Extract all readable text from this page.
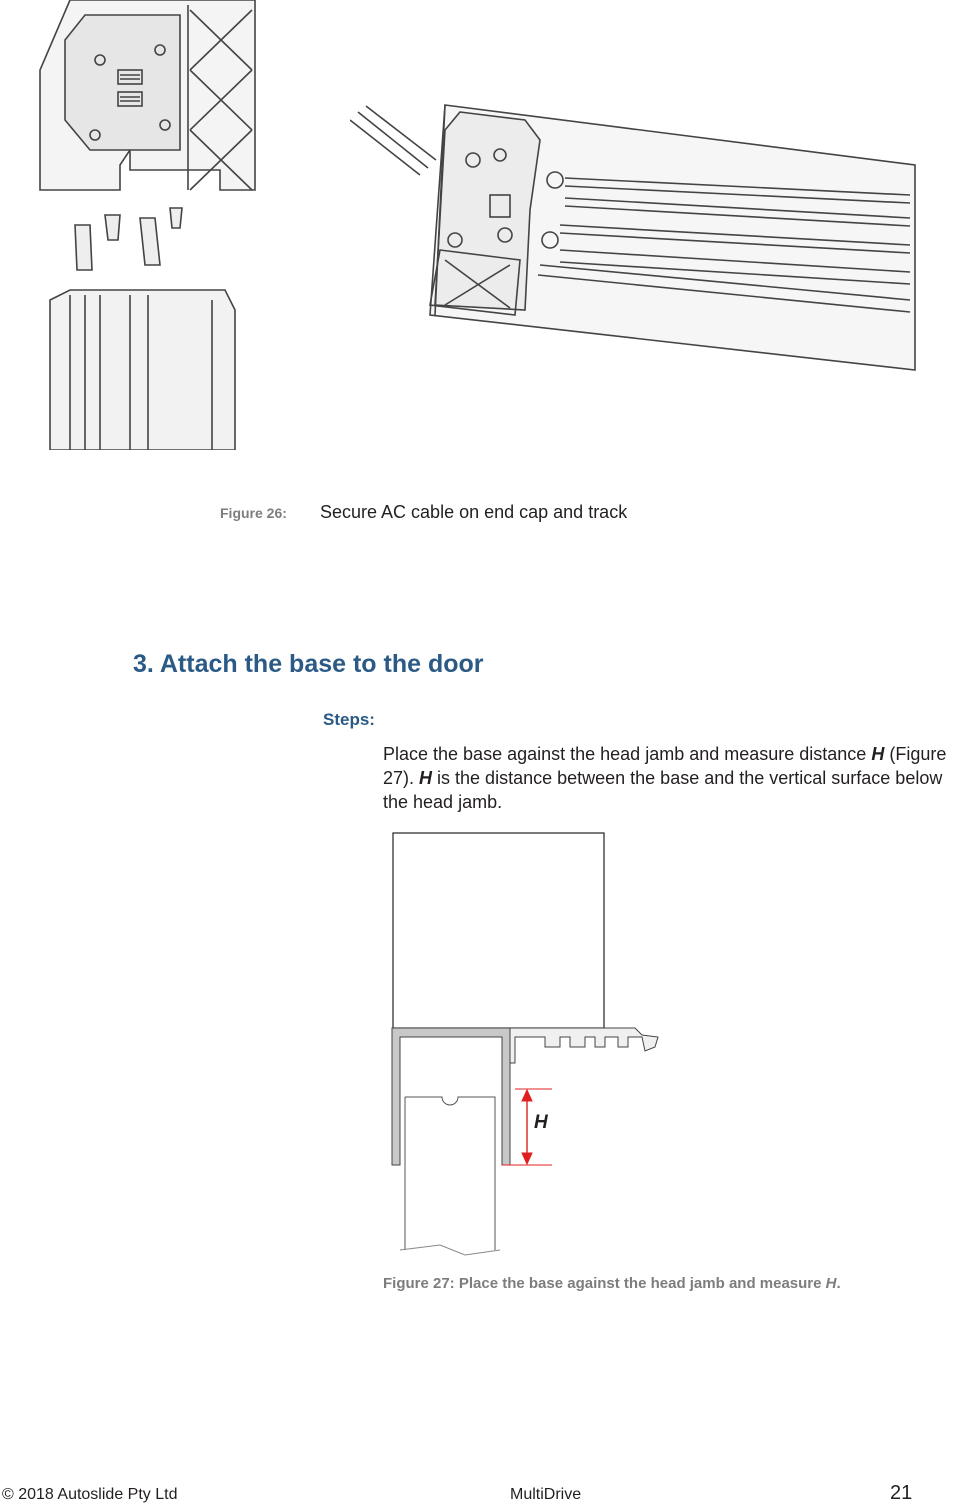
Figure 26: Secure AC cable on end cap and track
3. Attach the base to the door
Steps:
Place the base against the head jamb and measure distance H (Figure 27). H is the distance between the base and the vertical surface below the head jamb.
H
Figure 27: Place the base against the head jamb and measure H.
© 2018 Autoslide Pty Ltd	MultiDrive	21
